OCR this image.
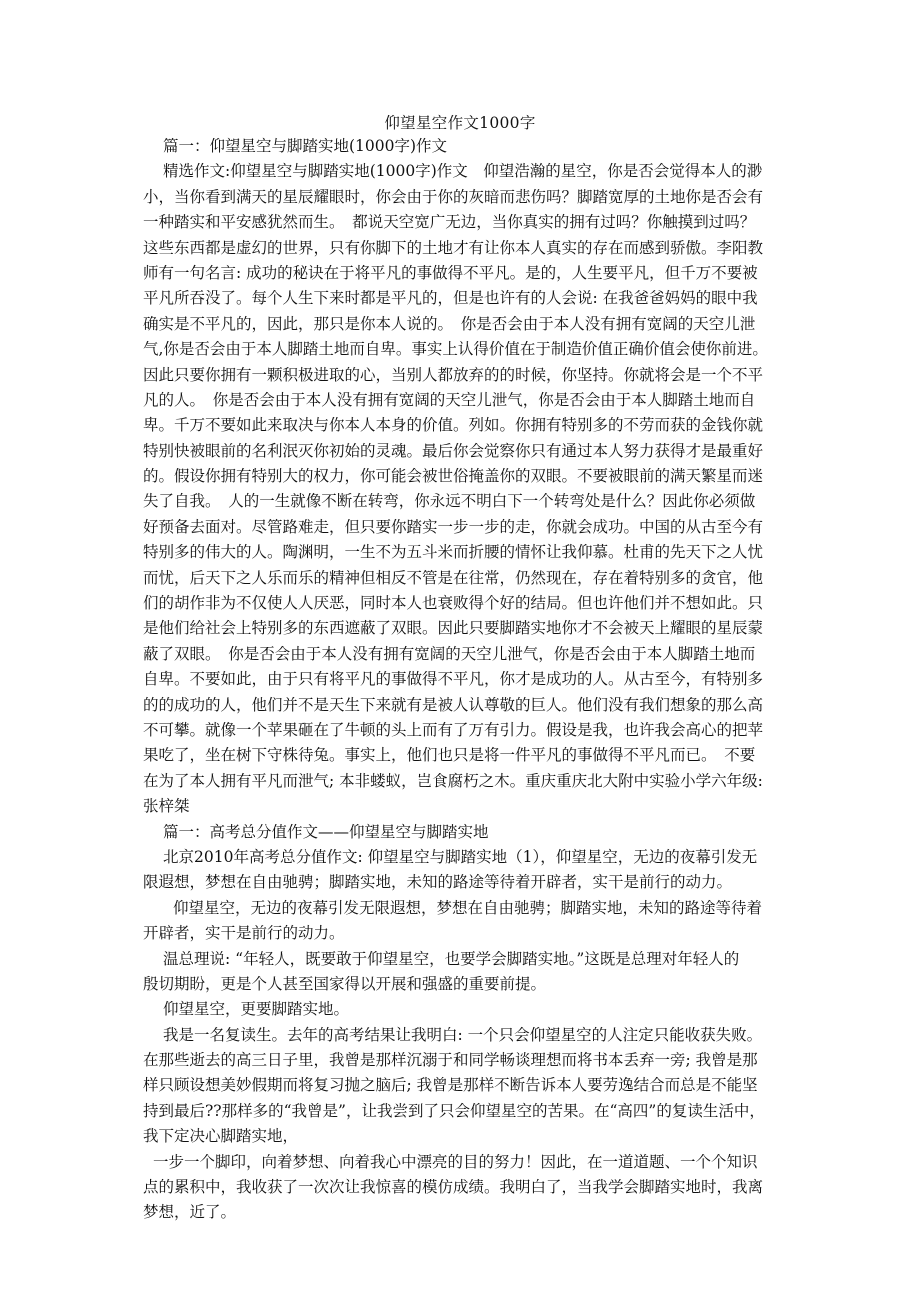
仰望星空作文1000字
篇一：仰望星空与脚踏实地(1000字)作文
精选作文:仰望星空与脚踏实地(1000字)作文　仰望浩瀚的星空，你是否会觉得本人的渺
小，当你看到满天的星辰耀眼时，你会由于你的灰暗而悲伤吗？脚踏宽厚的土地你是否会有
一种踏实和平安感犹然而生。　都说天空宽广无边，当你真实的拥有过吗？你触摸到过吗？
这些东西都是虚幻的世界，只有你脚下的土地才有让你本人真实的存在而感到骄傲。李阳教
师有一句名言: 成功的秘诀在于将平凡的事做得不平凡。是的，人生要平凡，但千万不要被
平凡所吞没了。每个人生下来时都是平凡的，但是也许有的人会说: 在我爸爸妈妈的眼中我
确实是不平凡的，因此，那只是你本人说的。　你是否会由于本人没有拥有宽阔的天空儿泄
气,你是否会由于本人脚踏土地而自卑。事实上认得价值在于制造价值正确价值会使你前进。
因此只要你拥有一颗积极进取的心，当别人都放弃的的时候，你坚持。你就将会是一个不平
凡的人。　你是否会由于本人没有拥有宽阔的天空儿泄气，你是否会由于本人脚踏土地而自
卑。千万不要如此来取决与你本人本身的价值。列如。你拥有特别多的不劳而获的金钱你就
特别快被眼前的名利泯灭你初始的灵魂。最后你会觉察你只有通过本人努力获得才是最重好
的。假设你拥有特别大的权力，你可能会被世俗掩盖你的双眼。不要被眼前的满天繁星而迷
失了自我。　人的一生就像不断在转弯，你永远不明白下一个转弯处是什么？因此你必须做
好预备去面对。尽管路难走，但只要你踏实一步一步的走，你就会成功。中国的从古至今有
特别多的伟大的人。陶渊明，一生不为五斗米而折腰的情怀让我仰慕。杜甫的先天下之人忧
而忧，后天下之人乐而乐的精神但相反不管是在往常，仍然现在，存在着特别多的贪官，他
们的胡作非为不仅使人人厌恶，同时本人也衰败得个好的结局。但也许他们并不想如此。只
是他们给社会上特别多的东西遮蔽了双眼。因此只要脚踏实地你才不会被天上耀眼的星辰蒙
蔽了双眼。　你是否会由于本人没有拥有宽阔的天空儿泄气，你是否会由于本人脚踏土地而
自卑。不要如此，由于只有将平凡的事做得不平凡，你才是成功的人。从古至今，有特别多
的的成功的人，他们并不是天生下来就有是被人认尊敬的巨人。他们没有我们想象的那么高
不可攀。就像一个苹果砸在了牛顿的头上而有了万有引力。假设是我，也许我会高心的把苹
果吃了，坐在树下守株待兔。事实上，他们也只是将一件平凡的事做得不平凡而已。　不要
在为了本人拥有平凡而泄气; 本非蝼蚁，岂食腐朽之木。重庆重庆北大附中实验小学六年级:
张梓桀
篇一：高考总分值作文——仰望星空与脚踏实地
北京2010年高考总分值作文: 仰望星空与脚踏实地（1），仰望星空，无边的夜幕引发无
限遐想，梦想在自由驰骋；脚踏实地，未知的路途等待着开辟者，实干是前行的动力。
仰望星空，无边的夜幕引发无限遐想，梦想在自由驰骋；脚踏实地，未知的路途等待着
开辟者，实干是前行的动力。
温总理说: “年轻人，既要敢于仰望星空，也要学会脚踏实地。”这既是总理对年轻人的
殷切期盼，更是个人甚至国家得以开展和强盛的重要前提。
仰望星空，更要脚踏实地。
我是一名复读生。去年的高考结果让我明白: 一个只会仰望星空的人注定只能收获失败。
在那些逝去的高三日子里，我曾是那样沉溺于和同学畅谈理想而将书本丢弃一旁; 我曾是那
样只顾设想美妙假期而将复习抛之脑后; 我曾是那样不断告诉本人要劳逸结合而总是不能坚
持到最后??那样多的“我曾是”，让我尝到了只会仰望星空的苦果。在“高四”的复读生活中，
我下定决心脚踏实地，
一步一个脚印，向着梦想、向着我心中漂亮的目的努力！因此，在一道道题、一个个知识
点的累积中，我收获了一次次让我惊喜的模仿成绩。我明白了，当我学会脚踏实地时，我离
梦想，近了。
